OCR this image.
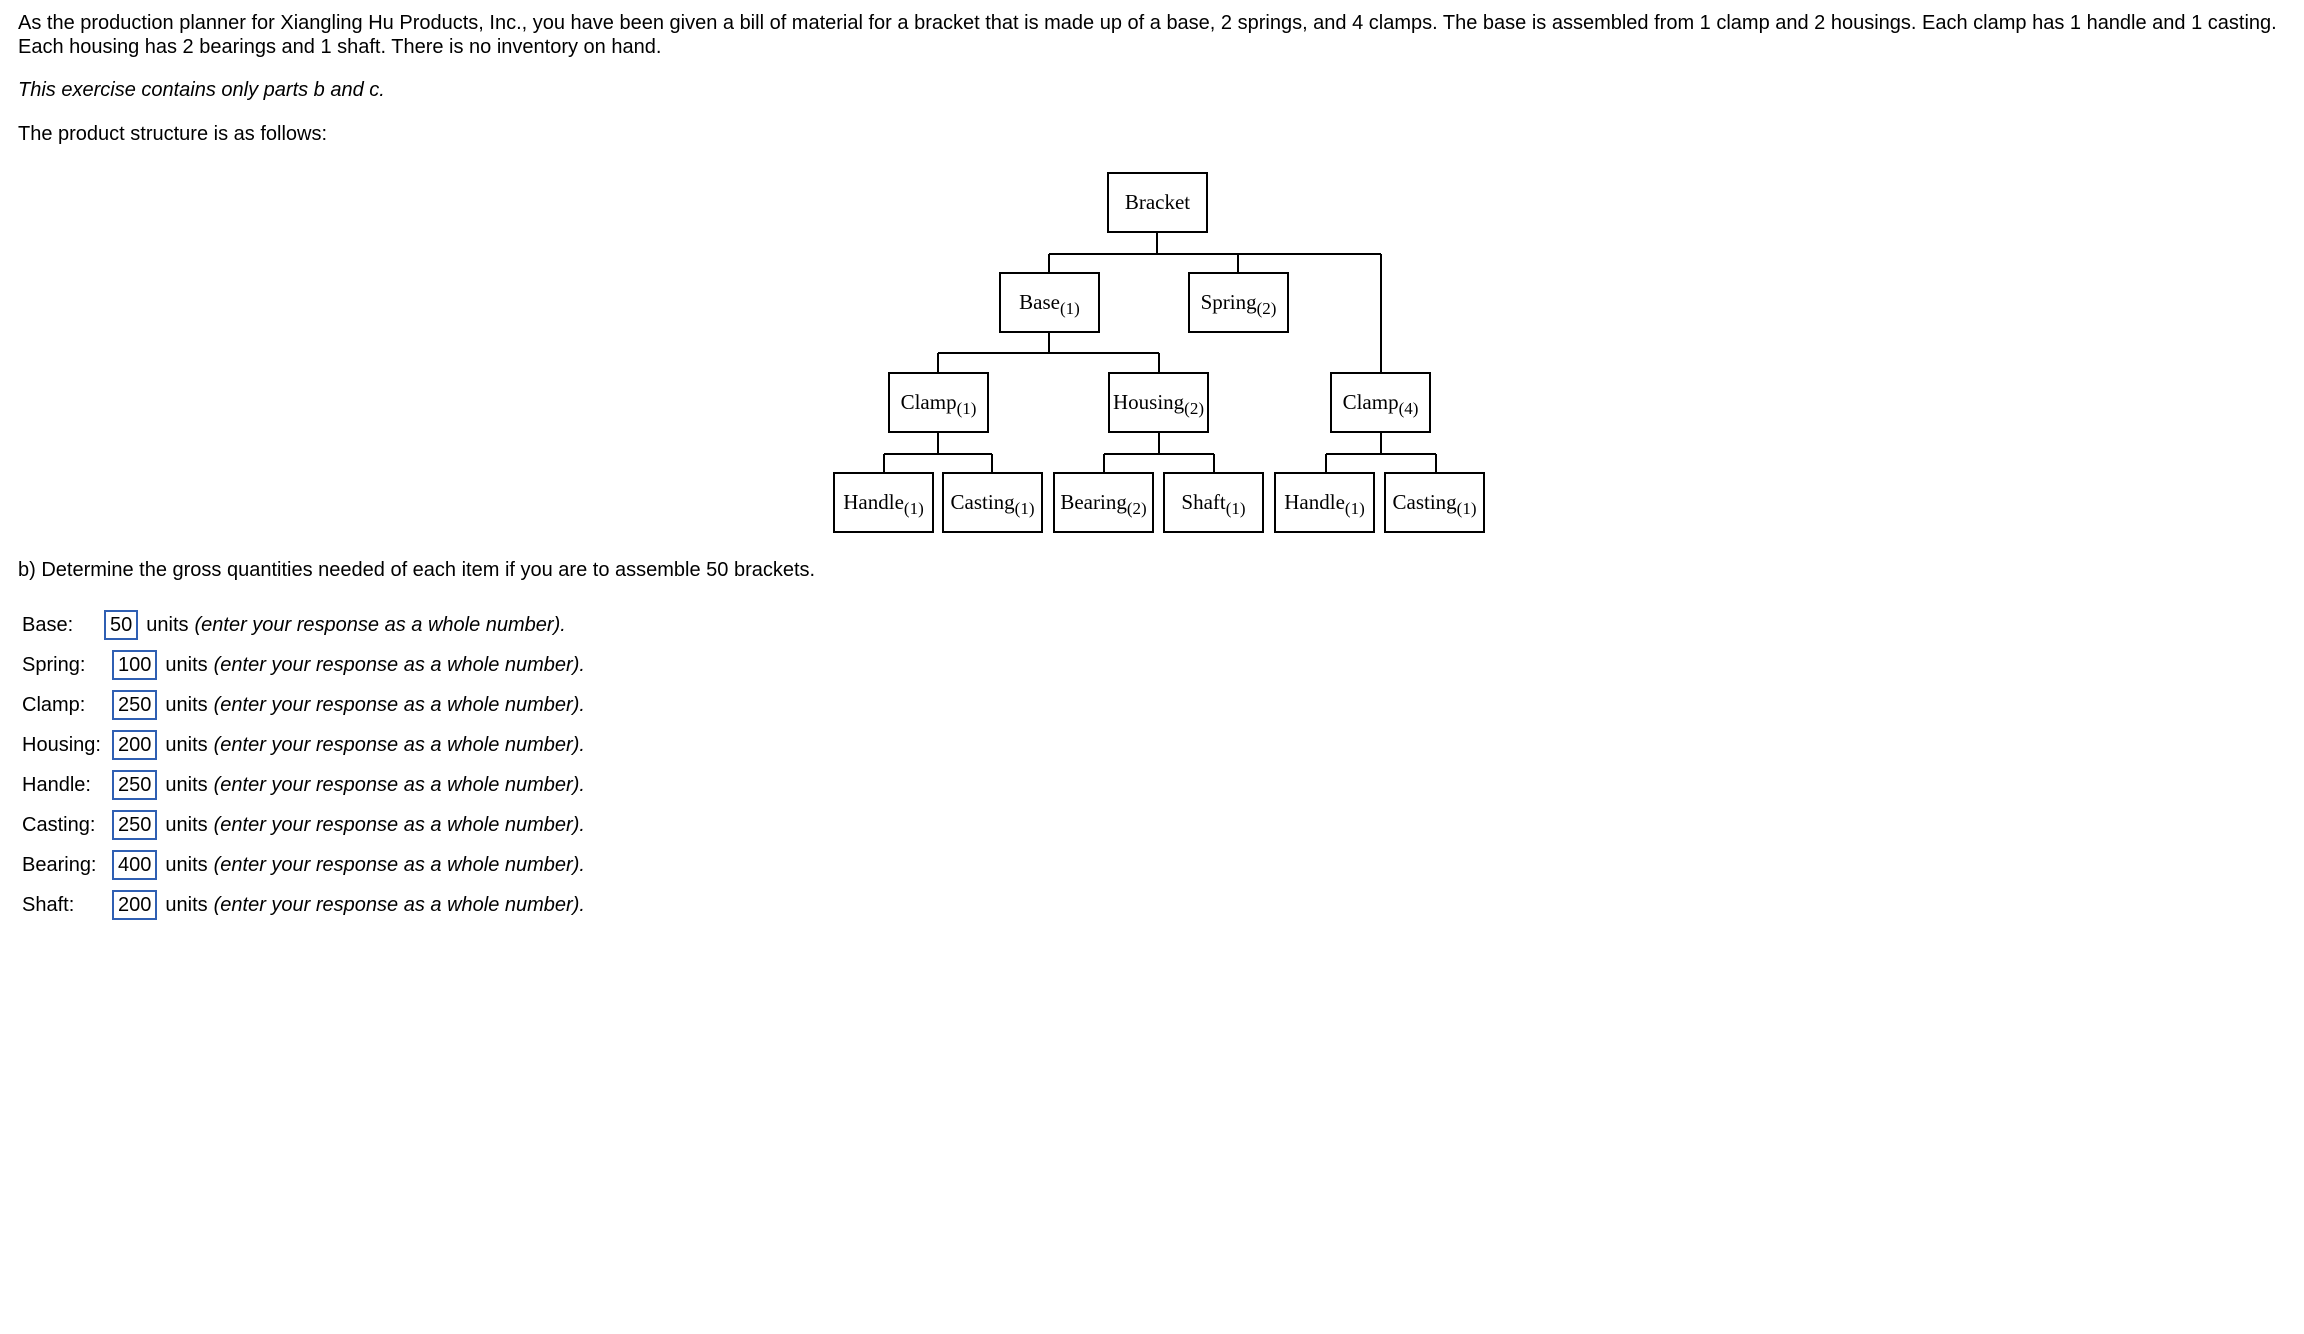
As the production planner for Xiangling Hu Products, Inc., you have been given a bill of material for a bracket that is made up of a base, 2 springs, and 4 clamps. The base is assembled from 1 clamp and 2 housings. Each clamp has 1 handle and 1 casting. Each housing has 2 bearings and 1 shaft. There is no inventory on hand.

This exercise contains only parts b and c.

The product structure is as follows:

Bracket
Base (1)	Spring (2)
Clamp (1)	Housing (2)	Clamp (4)
Handle (1) Casting (1) Bearing (2) Shaft (1) Handle (1) Casting (1)

b) Determine the gross quantities needed of each item if you are to assemble 50 brackets.

Base:	50 units (enter your response as a whole number).
Spring:	100 units (enter your response as a whole number).
Clamp:	250 units (enter your response as a whole number).
Housing: 200 units (enter your response as a whole number).
Handle:	250 units (enter your response as a whole number).
Casting:	250 units (enter your response as a whole number).
Bearing:	400 units (enter your response as a whole number).
Shaft:	200 units (enter your response as a whole number).
